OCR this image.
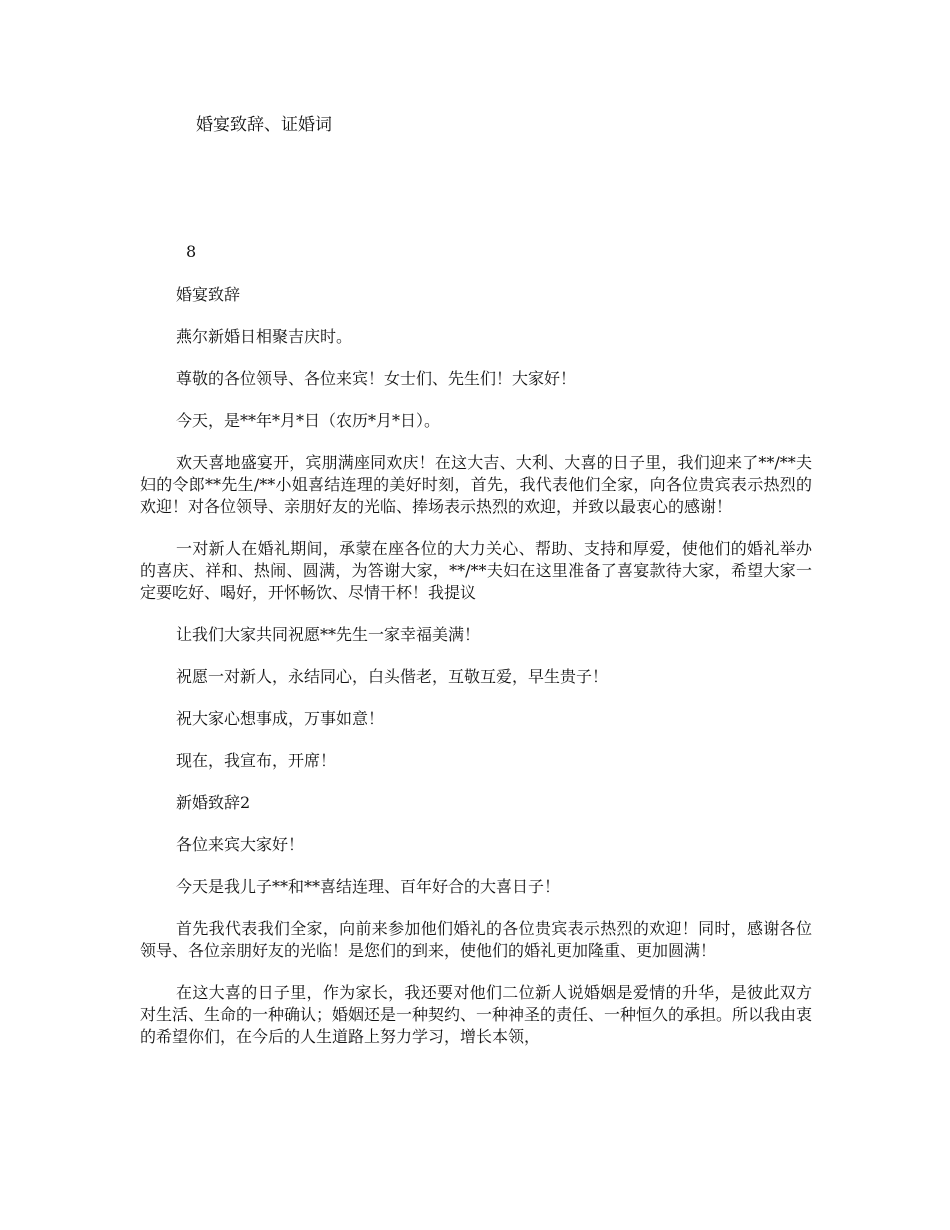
婚宴致辞、证婚词
8

婚宴致辞

燕尔新婚日相聚吉庆时。

尊敬的各位领导、各位来宾！女士们、先生们！大家好！

今天，是**年*月*日（农历*月*日）。

欢天喜地盛宴开，宾朋满座同欢庆！在这大吉、大利、大喜的日子里，我们迎来了**/**夫妇的令郎**先生/**小姐喜结连理的美好时刻，首先，我代表他们全家，向各位贵宾表示热烈的欢迎！对各位领导、亲朋好友的光临、捧场表示热烈的欢迎，并致以最衷心的感谢！

一对新人在婚礼期间，承蒙在座各位的大力关心、帮助、支持和厚爱，使他们的婚礼举办的喜庆、祥和、热闹、圆满，为答谢大家，**/**夫妇在这里准备了喜宴款待大家，希望大家一定要吃好、喝好，开怀畅饮、尽情干杯！我提议

让我们大家共同祝愿**先生一家幸福美满！

祝愿一对新人，永结同心，白头偕老，互敬互爱，早生贵子！

祝大家心想事成，万事如意！

现在，我宣布，开席！

新婚致辞2

各位来宾大家好！

今天是我儿子**和**喜结连理、百年好合的大喜日子！

首先我代表我们全家，向前来参加他们婚礼的各位贵宾表示热烈的欢迎！同时，感谢各位领导、各位亲朋好友的光临！是您们的到来，使他们的婚礼更加隆重、更加圆满！

在这大喜的日子里，作为家长，我还要对他们二位新人说婚姻是爱情的升华，是彼此双方对生活、生命的一种确认；婚姻还是一种契约、一种神圣的责任、一种恒久的承担。所以我由衷的希望你们，在今后的人生道路上努力学习，增长本领，
